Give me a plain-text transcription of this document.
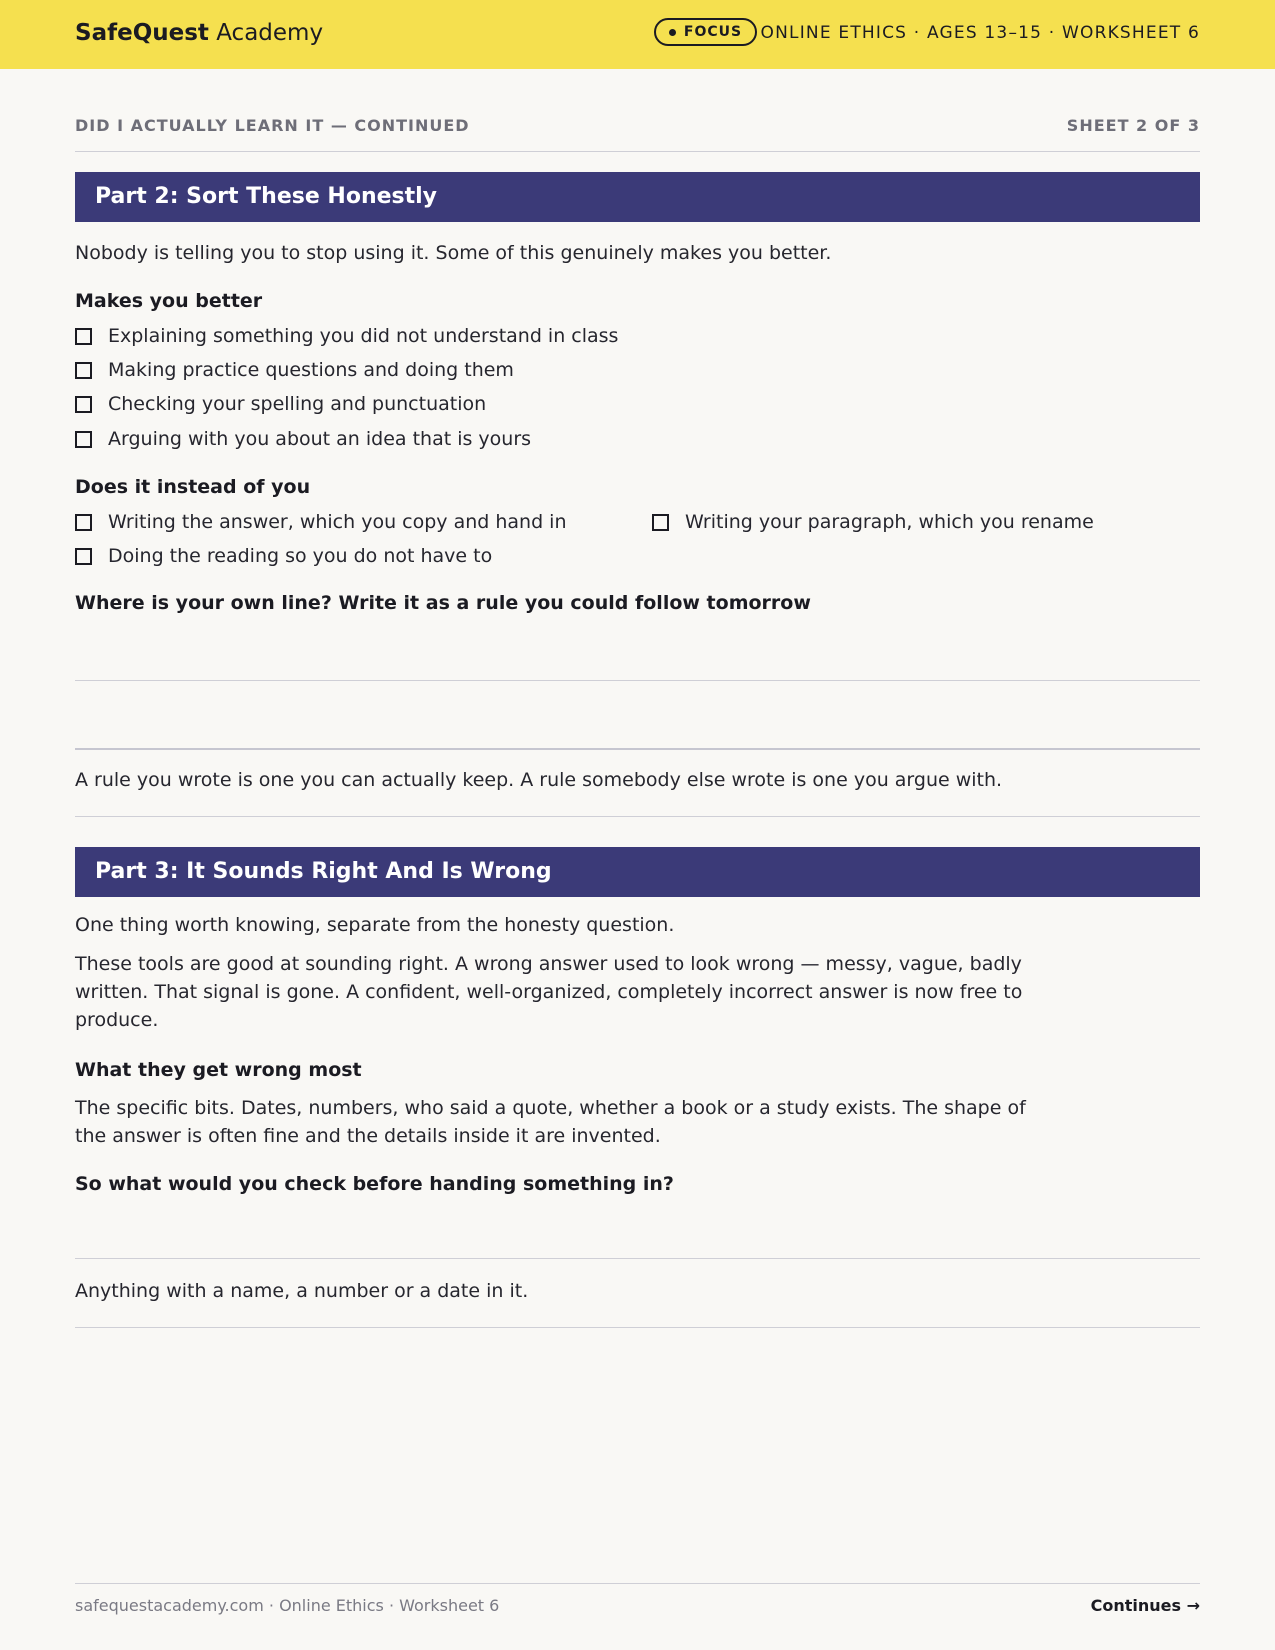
SafeQuest Academy	FOCUS ONLINE ETHICS · AGES 13–15 · WORKSHEET 6
DID I ACTUALLY LEARN IT — CONTINUED	SHEET 2 OF 3
Part 2: Sort These Honestly
Nobody is telling you to stop using it. Some of this genuinely makes you better.
Makes you better
Explaining something you did not understand in class
Making practice questions and doing them
Checking your spelling and punctuation
Arguing with you about an idea that is yours
Does it instead of you
Writing the answer, which you copy and hand in	Writing your paragraph, which you rename
Doing the reading so you do not have to
Where is your own line? Write it as a rule you could follow tomorrow
A rule you wrote is one you can actually keep. A rule somebody else wrote is one you argue with.
Part 3: It Sounds Right And Is Wrong
One thing worth knowing, separate from the honesty question.
These tools are good at sounding right. A wrong answer used to look wrong — messy, vague, badly written. That signal is gone. A confident, well-organized, completely incorrect answer is now free to produce.
What they get wrong most
The specific bits. Dates, numbers, who said a quote, whether a book or a study exists. The shape of the answer is often fine and the details inside it are invented.
So what would you check before handing something in?
Anything with a name, a number or a date in it.
safequestacademy.com · Online Ethics · Worksheet 6	Continues →
